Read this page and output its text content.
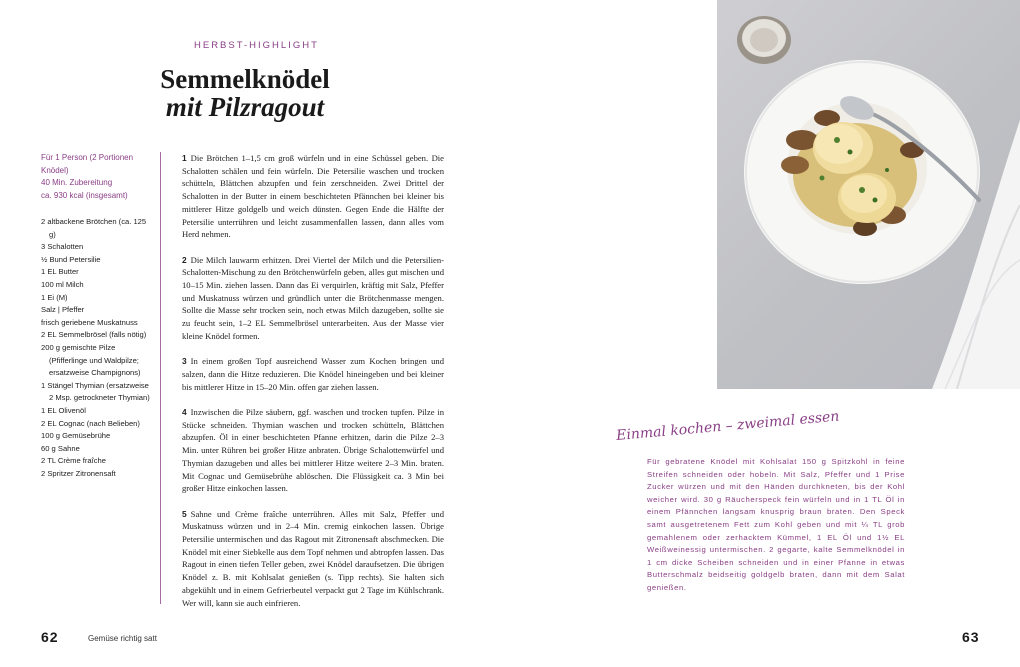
HERBST-HIGHLIGHT
Semmelknödel
mit Pilzragout
Für 1 Person (2 Portionen Knödel)
40 Min. Zubereitung
ca. 930 kcal (insgesamt)
2 altbackene Brötchen (ca. 125 g)
3 Schalotten
½ Bund Petersilie
1 EL Butter
100 ml Milch
1 Ei (M)
Salz | Pfeffer
frisch geriebene Muskatnuss
2 EL Semmelbrösel (falls nötig)
200 g gemischte Pilze (Pfifferlinge und Waldpilze; ersatzweise Champignons)
1 Stängel Thymian (ersatzweise 2 Msp. getrockneter Thymian)
1 EL Olivenöl
2 EL Cognac (nach Belieben)
100 g Gemüsebrühe
60 g Sahne
2 TL Crème fraîche
2 Spritzer Zitronensaft

1 Die Brötchen 1–1,5 cm groß würfeln und in eine Schüssel geben. Die Schalotten schälen und fein würfeln. Die Petersilie waschen und trocken schütteln, Blättchen abzupfen und fein zerschneiden. Zwei Drittel der Schalotten in der Butter in einem beschichteten Pfännchen bei kleiner bis mittlerer Hitze goldgelb und weich dünsten. Gegen Ende die Hälfte der Petersilie unterrühren und leicht zusammenfallen lassen, dann alles vom Herd nehmen.

2 Die Milch lauwarm erhitzen. Drei Viertel der Milch und die Petersilien-Schalotten-Mischung zu den Brötchenwürfeln geben, alles gut mischen und 10–15 Min. ziehen lassen. Dann das Ei verquirlen, kräftig mit Salz, Pfeffer und Muskatnuss würzen und gründlich unter die Brötchenmasse mengen. Sollte die Masse sehr trocken sein, noch etwas Milch dazugeben, sollte sie zu feucht sein, 1–2 EL Semmelbrösel unterarbeiten. Aus der Masse vier kleine Knödel formen.

3 In einem großen Topf ausreichend Wasser zum Kochen bringen und salzen, dann die Hitze reduzieren. Die Knödel hineingeben und bei kleiner bis mittlerer Hitze in 15–20 Min. offen gar ziehen lassen.

4 Inzwischen die Pilze säubern, ggf. waschen und trocken tupfen. Pilze in Stücke schneiden. Thymian waschen und trocken schütteln, Blättchen abzupfen. Öl in einer beschichteten Pfanne erhitzen, darin die Pilze 2–3 Min. unter Rühren bei großer Hitze anbraten. Übrige Schalottenwürfel und Thymian dazugeben und alles bei mittlerer Hitze weitere 2–3 Min. braten. Mit Cognac und Gemüsebrühe ablöschen. Die Flüssigkeit ca. 3 Min bei großer Hitze einkochen lassen.

5 Sahne und Crème fraîche unterrühren. Alles mit Salz, Pfeffer und Muskatnuss würzen und in 2–4 Min. cremig einkochen lassen. Übrige Petersilie untermischen und das Ragout mit Zitronensaft abschmecken. Die Knödel mit einer Siebkelle aus dem Topf nehmen und abtropfen lassen. Das Ragout in einen tiefen Teller geben, zwei Knödel daraufsetzen. Die übrigen Knödel z. B. mit Kohlsalat genießen (s. Tipp rechts). Sie halten sich abgekühlt und in einem Gefrierbeutel verpackt gut 2 Tage im Kühlschrank. Wer will, kann sie auch einfrieren.

Einmal kochen – zweimal essen
Für gebratene Knödel mit Kohlsalat 150 g Spitzkohl in feine Streifen schneiden oder hobeln. Mit Salz, Pfeffer und 1 Prise Zucker würzen und mit den Händen durchkneten, bis der Kohl weicher wird. 30 g Räucherspeck fein würfeln und in 1 TL Öl in einem Pfännchen langsam knusprig braun braten. Den Speck samt ausgetretenem Fett zum Kohl geben und mit ¼ TL grob gemahlenem oder zerhacktem Kümmel, 1 EL Öl und 1½ EL Weißweinessig untermischen. 2 gegarte, kalte Semmelknödel in 1 cm dicke Scheiben schneiden und in einer Pfanne in etwas Butterschmalz beidseitig goldgelb braten, dann mit dem Salat genießen.
62	Gemüse richtig satt	63
